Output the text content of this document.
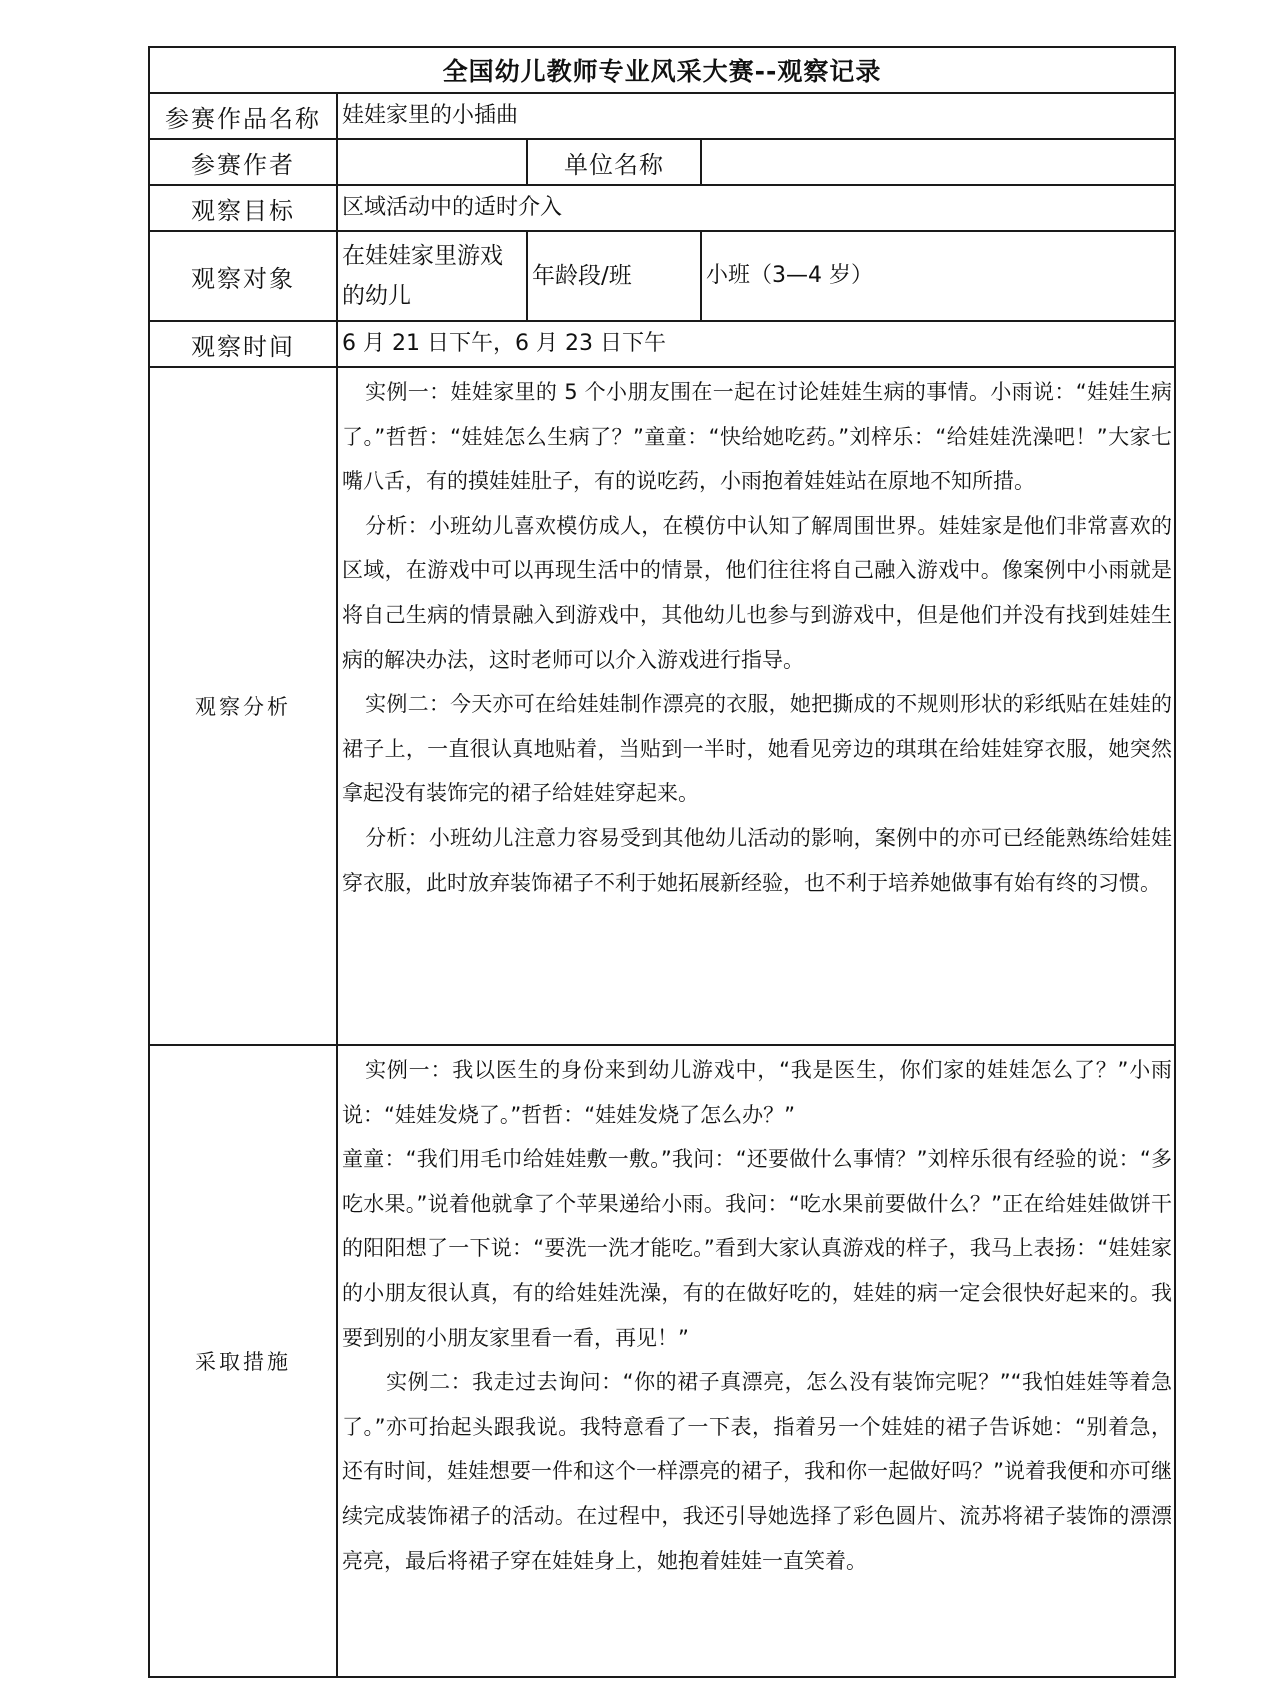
全国幼儿教师专业风采大赛--观察记录			
参赛作品名称	娃娃家里的小插曲		
参赛作者		单位名称	
观察目标	区域活动中的适时介入		
观察对象	在娃娃家里游戏的幼儿	年龄段/班	小班（3—4 岁）
观察时间	6 月 21 日下午，6 月 23 日下午		
观察分析	实例一：娃娃家里的 5 个小朋友围在一起在讨论娃娃生病的事情。小雨说：“娃娃生病了。”哲哲：“娃娃怎么生病了？”童童：“快给她吃药。”刘梓乐：“给娃娃洗澡吧！”大家七嘴八舌，有的摸娃娃肚子，有的说吃药，小雨抱着娃娃站在原地不知所措。

分析：小班幼儿喜欢模仿成人，在模仿中认知了解周围世界。娃娃家是他们非常喜欢的区域，在游戏中可以再现生活中的情景，他们往往将自己融入游戏中。像案例中小雨就是将自己生病的情景融入到游戏中，其他幼儿也参与到游戏中，但是他们并没有找到娃娃生病的解决办法，这时老师可以介入游戏进行指导。

实例二：今天亦可在给娃娃制作漂亮的衣服，她把撕成的不规则形状的彩纸贴在娃娃的裙子上，一直很认真地贴着，当贴到一半时，她看见旁边的琪琪在给娃娃穿衣服，她突然拿起没有装饰完的裙子给娃娃穿起来。

分析：小班幼儿注意力容易受到其他幼儿活动的影响，案例中的亦可已经能熟练给娃娃穿衣服，此时放弃装饰裙子不利于她拓展新经验，也不利于培养她做事有始有终的习惯。		

采取措施	实例一：我以医生的身份来到幼儿游戏中，“我是医生，你们家的娃娃怎么了？”小雨说：“娃娃发烧了。”哲哲：“娃娃发烧了怎么办？”

童童：“我们用毛巾给娃娃敷一敷。”我问：“还要做什么事情？”刘梓乐很有经验的说：“多吃水果。”说着他就拿了个苹果递给小雨。我问：“吃水果前要做什么？”正在给娃娃做饼干的阳阳想了一下说：“要洗一洗才能吃。”看到大家认真游戏的样子，我马上表扬：“娃娃家的小朋友很认真，有的给娃娃洗澡，有的在做好吃的，娃娃的病一定会很快好起来的。我要到别的小朋友家里看一看，再见！”

实例二：我走过去询问：“你的裙子真漂亮，怎么没有装饰完呢？”“我怕娃娃等着急了。”亦可抬起头跟我说。我特意看了一下表，指着另一个娃娃的裙子告诉她：“别着急，还有时间，娃娃想要一件和这个一样漂亮的裙子，我和你一起做好吗？”说着我便和亦可继续完成装饰裙子的活动。在过程中，我还引导她选择了彩色圆片、流苏将裙子装饰的漂漂亮亮，最后将裙子穿在娃娃身上，她抱着娃娃一直笑着。		
